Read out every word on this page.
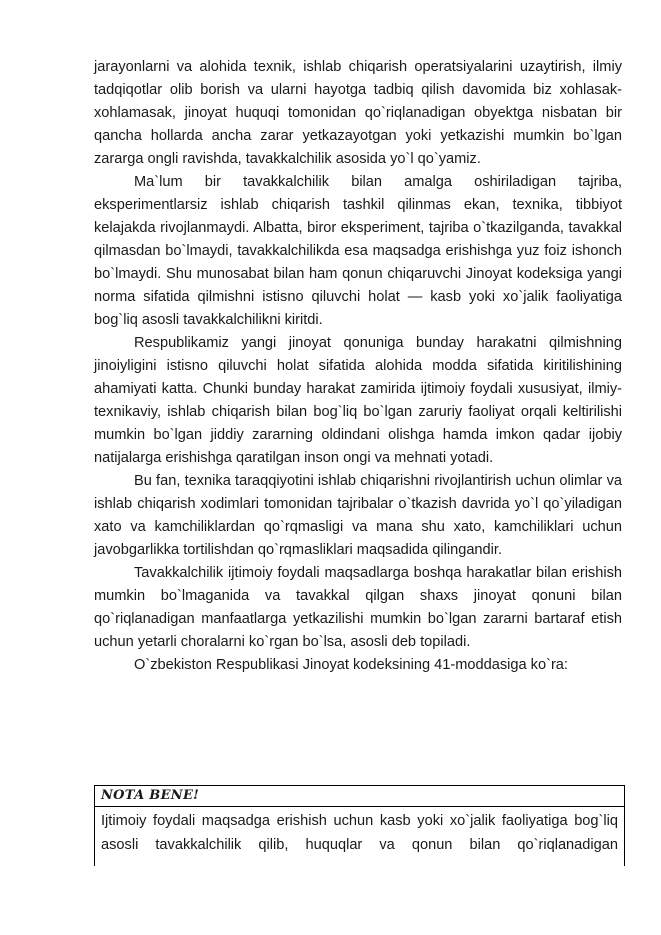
jarayonlarni va alohida texnik, ishlab chiqarish operatsiyalarini uzaytirish, ilmiy tadqiqotlar olib borish va ularni hayotga tadbiq qilish davomida biz xohlasak-xohlamasak, jinoyat huquqi tomonidan qo`riqlanadigan obyektga nisbatan bir qancha hollarda ancha zarar yetkazayotgan yoki yetkazishi mumkin bo`lgan zararga ongli ravishda, tavakkalchilik asosida yo`l qo`yamiz.

Ma`lum bir tavakkalchilik bilan amalga oshiriladigan tajriba, eksperimentlarsiz ishlab chiqarish tashkil qilinmas ekan, texnika, tibbiyot kelajakda rivojlanmaydi. Albatta, biror eksperiment, tajriba o`tkazilganda, tavakkal qilmasdan bo`lmaydi, tavakkalchilikda esa maqsadga erishishga yuz foiz ishonch bo`lmaydi. Shu munosabat bilan ham qonun chiqaruvchi Jinoyat kodeksiga yangi norma sifatida qilmishni istisno qiluvchi holat — kasb yoki xo`jalik faoliyatiga bog`liq asosli tavakkalchilikni kiritdi.

Respublikamiz yangi jinoyat qonuniga bunday harakatni qilmishning jinoiyligini istisno qiluvchi holat sifatida alohida modda sifatida kiritilishining ahamiyati katta. Chunki bunday harakat zamirida ijtimoiy foydali xususiyat, ilmiy-texnikaviy, ishlab chiqarish bilan bog`liq bo`lgan zaruriy faoliyat orqali keltirilishi mumkin bo`lgan jiddiy zararning oldindani olishga hamda imkon qadar ijobiy natijalarga erishishga qaratilgan inson ongi va mehnati yotadi.

Bu fan, texnika taraqqiyotini ishlab chiqarishni rivojlantirish uchun olimlar va ishlab chiqarish xodimlari tomonidan tajribalar o`tkazish davrida yo`l qo`yiladigan xato va kamchiliklardan qo`rqmasligi va mana shu xato, kamchiliklari uchun javobgarlikka tortilishdan qo`rqmasliklari maqsadida qilingandir.

Tavakkalchilik ijtimoiy foydali maqsadlarga boshqa harakatlar bilan erishish mumkin bo`lmaganida va tavakkal qilgan shaxs jinoyat qonuni bilan qo`riqlanadigan manfaatlarga yetkazilishi mumkin bo`lgan zararni bartaraf etish uchun yetarli choralarni ko`rgan bo`lsa, asosli deb topiladi.

O`zbekiston Respublikasi Jinoyat kodeksining 41-moddasiga ko`ra:

NOTA BENE!
Ijtimoiy foydali maqsadga erishish uchun kasb yoki xo`jalik faoliyatiga bog`liq asosli tavakkalchilik qilib, huquqlar va qonun bilan qo`riqlanadigan
